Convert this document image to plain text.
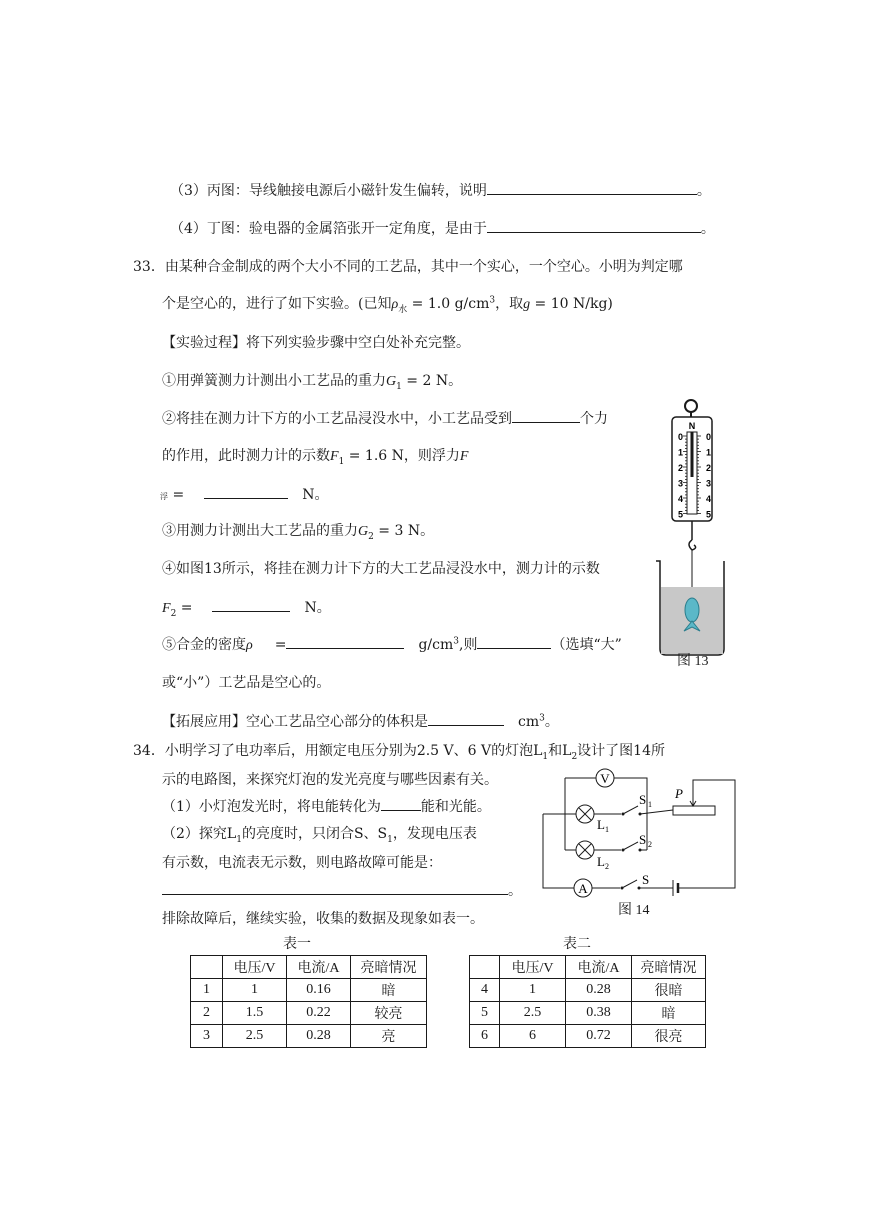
（3）丙图：导线触接电源后小磁针发生偏转，说明	。
（4）丁图：验电器的金属箔张开一定角度，是由于	。
33．由某种合金制成的两个大小不同的工艺品，其中一个实心，一个空心。小明为判定哪
个是空心的，进行了如下实验。(已知$\rho_水 = 1.0$ $g/cm^3$，取g = 10 N/kg)
【实验过程】将下列实验步骤中空白处补充完整。
①用弹簧测力计测出小工艺品的重力$G_1 = 2$ N。
②将挂在测力计下方的小工艺品浸没水中，小工艺品受到	个力
的作用，此时测力计的示数$F_1 = 1.6$ N，则浮力F
浮 =	N。
③用测力计测出大工艺品的重力$G_2 = 3$ N。
④如图13所示，将挂在测力计下方的大工艺品浸没水中，测力计的示数
$F_2$ =	N。
⑤合金的密度ρ =	$g/cm^3$,则	（选填“大”
或“小”）工艺品是空心的。
【拓展应用】空心工艺品空心部分的体积是	$cm^3$。
N
0	0
1	1
2	2
3	3
4	4
5	5
图 13
34．小明学习了电功率后，用额定电压分别为2.5 V、6 V的灯泡$L_1$和$L_2$设计了图14所
示的电路图，来探究灯泡的发光亮度与哪些因素有关。
（1）小灯泡发光时，将电能转化为	能和光能。
（2）探究$L_1$的亮度时，只闭合S、$S_1$，发现电压表
有示数，电流表无示数，则电路故障可能是：
。
排除故障后，继续实验，收集的数据及现象如表一。
A
S
P
V
S 1
L 1
S 2
L 2
图 14
表一
	电压/V	电流/A	亮暗情况
1	1	0.16	暗
2	1.5	0.22	较亮
3	2.5	0.28	亮
表二
	电压/V	电流/A	亮暗情况
4	1	0.28	很暗
5	2.5	0.38	暗
6	6	0.72	很亮
